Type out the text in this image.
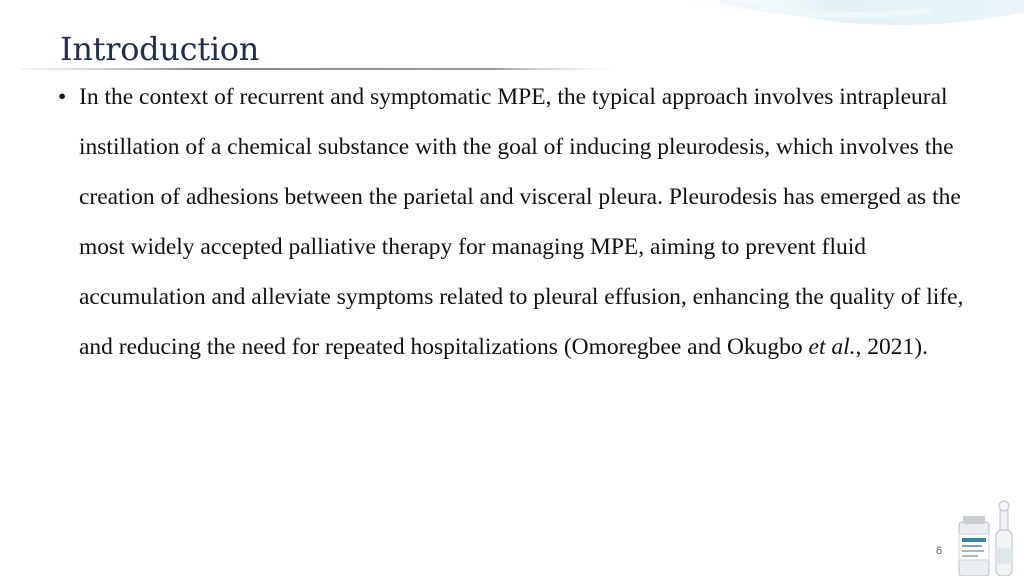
Introduction
• In the context of recurrent and symptomatic MPE, the typical approach involves intrapleural instillation of a chemical substance with the goal of inducing pleurodesis, which involves the creation of adhesions between the parietal and visceral pleura. Pleurodesis has emerged as the most widely accepted palliative therapy for managing MPE, aiming to prevent fluid accumulation and alleviate symptoms related to pleural effusion, enhancing the quality of life, and reducing the need for repeated hospitalizations (Omoregbee and Okugbo et al., 2021).
6
